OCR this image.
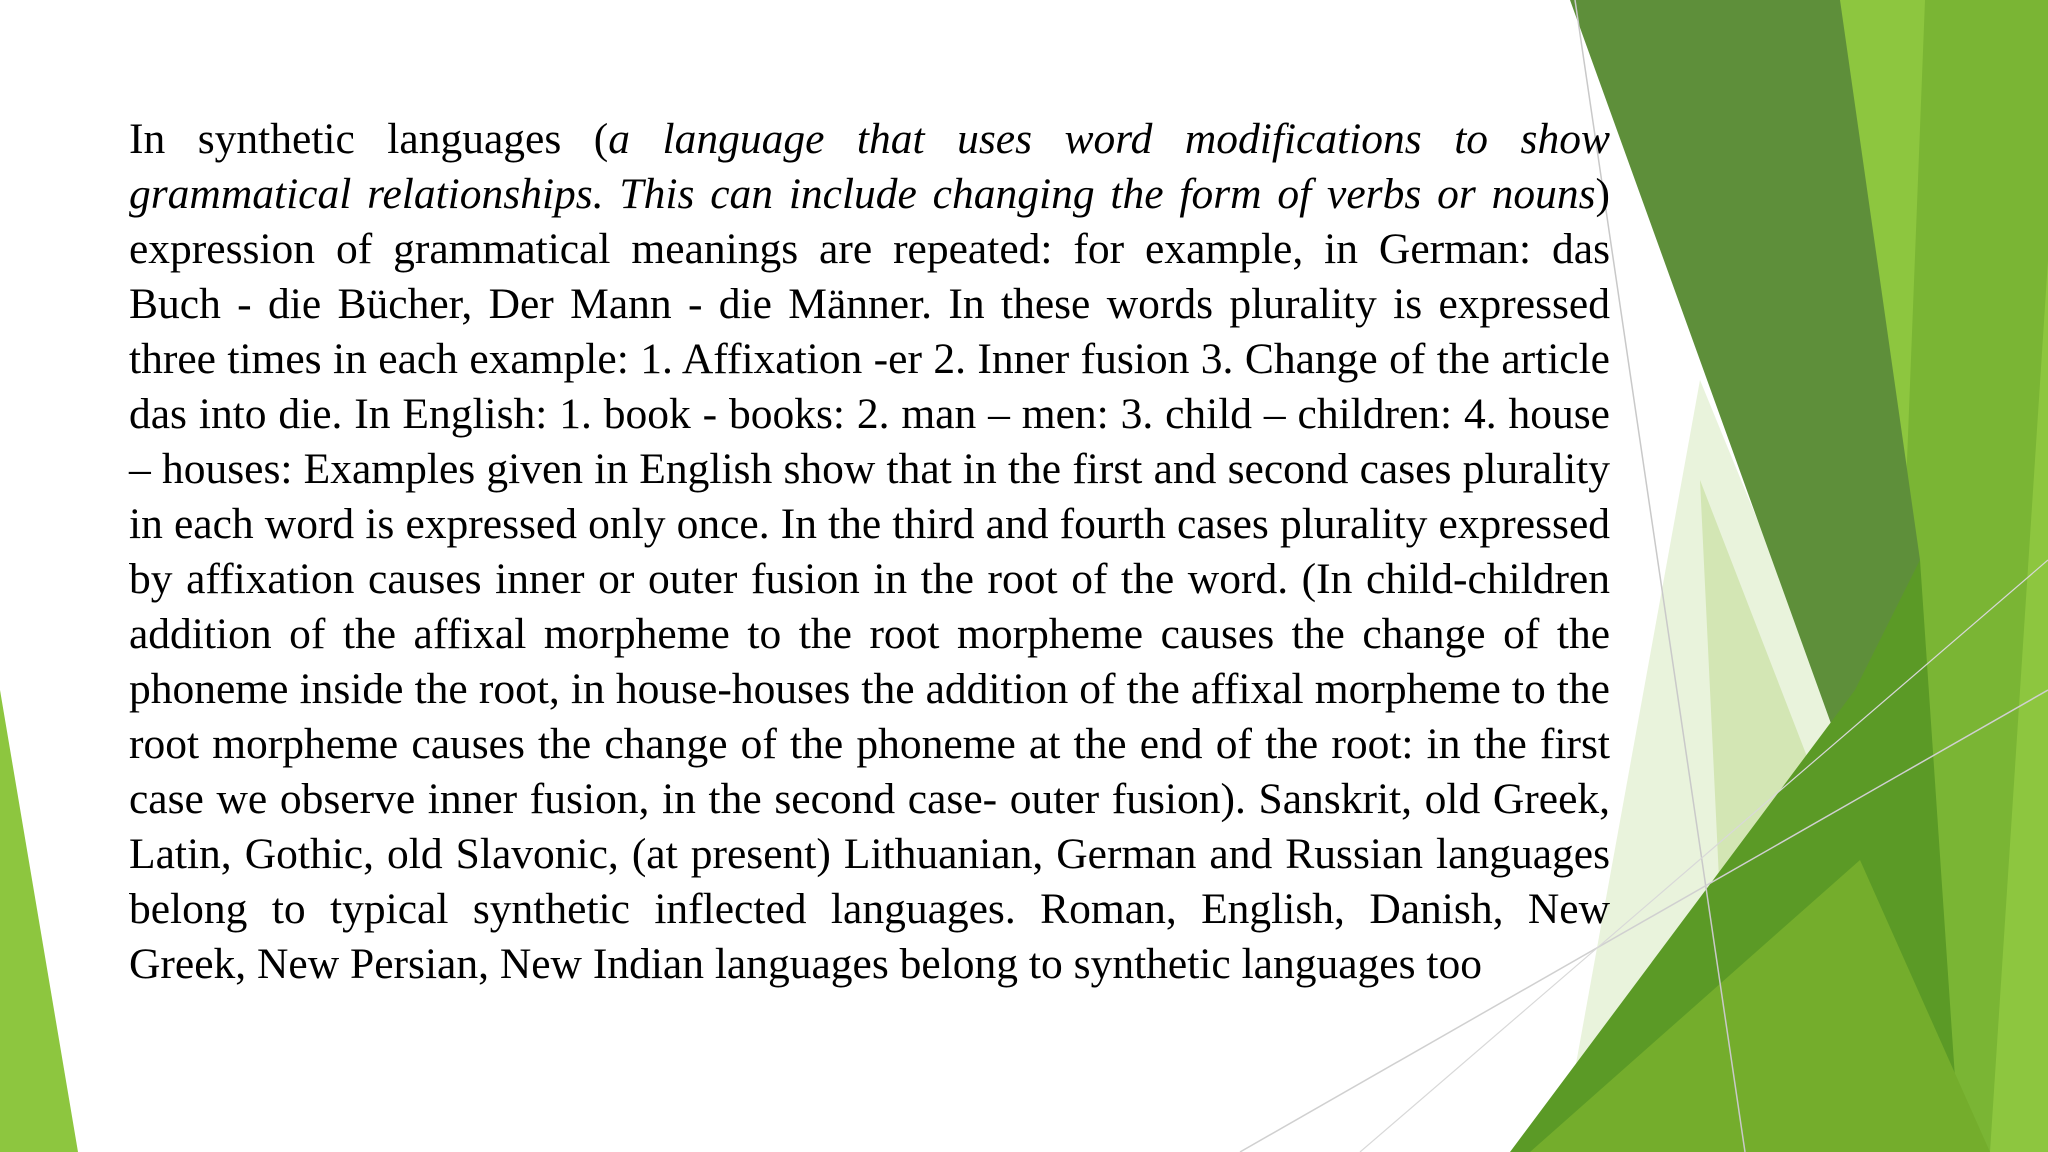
In synthetic languages (a language that uses word modifications to show grammatical relationships. This can include changing the form of verbs or nouns) expression of grammatical meanings are repeated: for example, in German: das Buch - die Bücher, Der Mann - die Männer. In these words plurality is expressed three times in each example: 1. Affixation -er 2. Inner fusion 3. Change of the article das into die. In English: 1. book - books: 2. man – men: 3. child – children: 4. house – houses: Examples given in English show that in the first and second cases plurality in each word is expressed only once. In the third and fourth cases plurality expressed by affixation causes inner or outer fusion in the root of the word. (In child-children addition of the affixal morpheme to the root morpheme causes the change of the phoneme inside the root, in house-houses the addition of the affixal morpheme to the root morpheme causes the change of the phoneme at the end of the root: in the first case we observe inner fusion, in the second case- outer fusion). Sanskrit, old Greek, Latin, Gothic, old Slavonic, (at present) Lithuanian, German and Russian languages belong to typical synthetic inflected languages. Roman, English, Danish, New Greek, New Persian, New Indian languages belong to synthetic languages too
